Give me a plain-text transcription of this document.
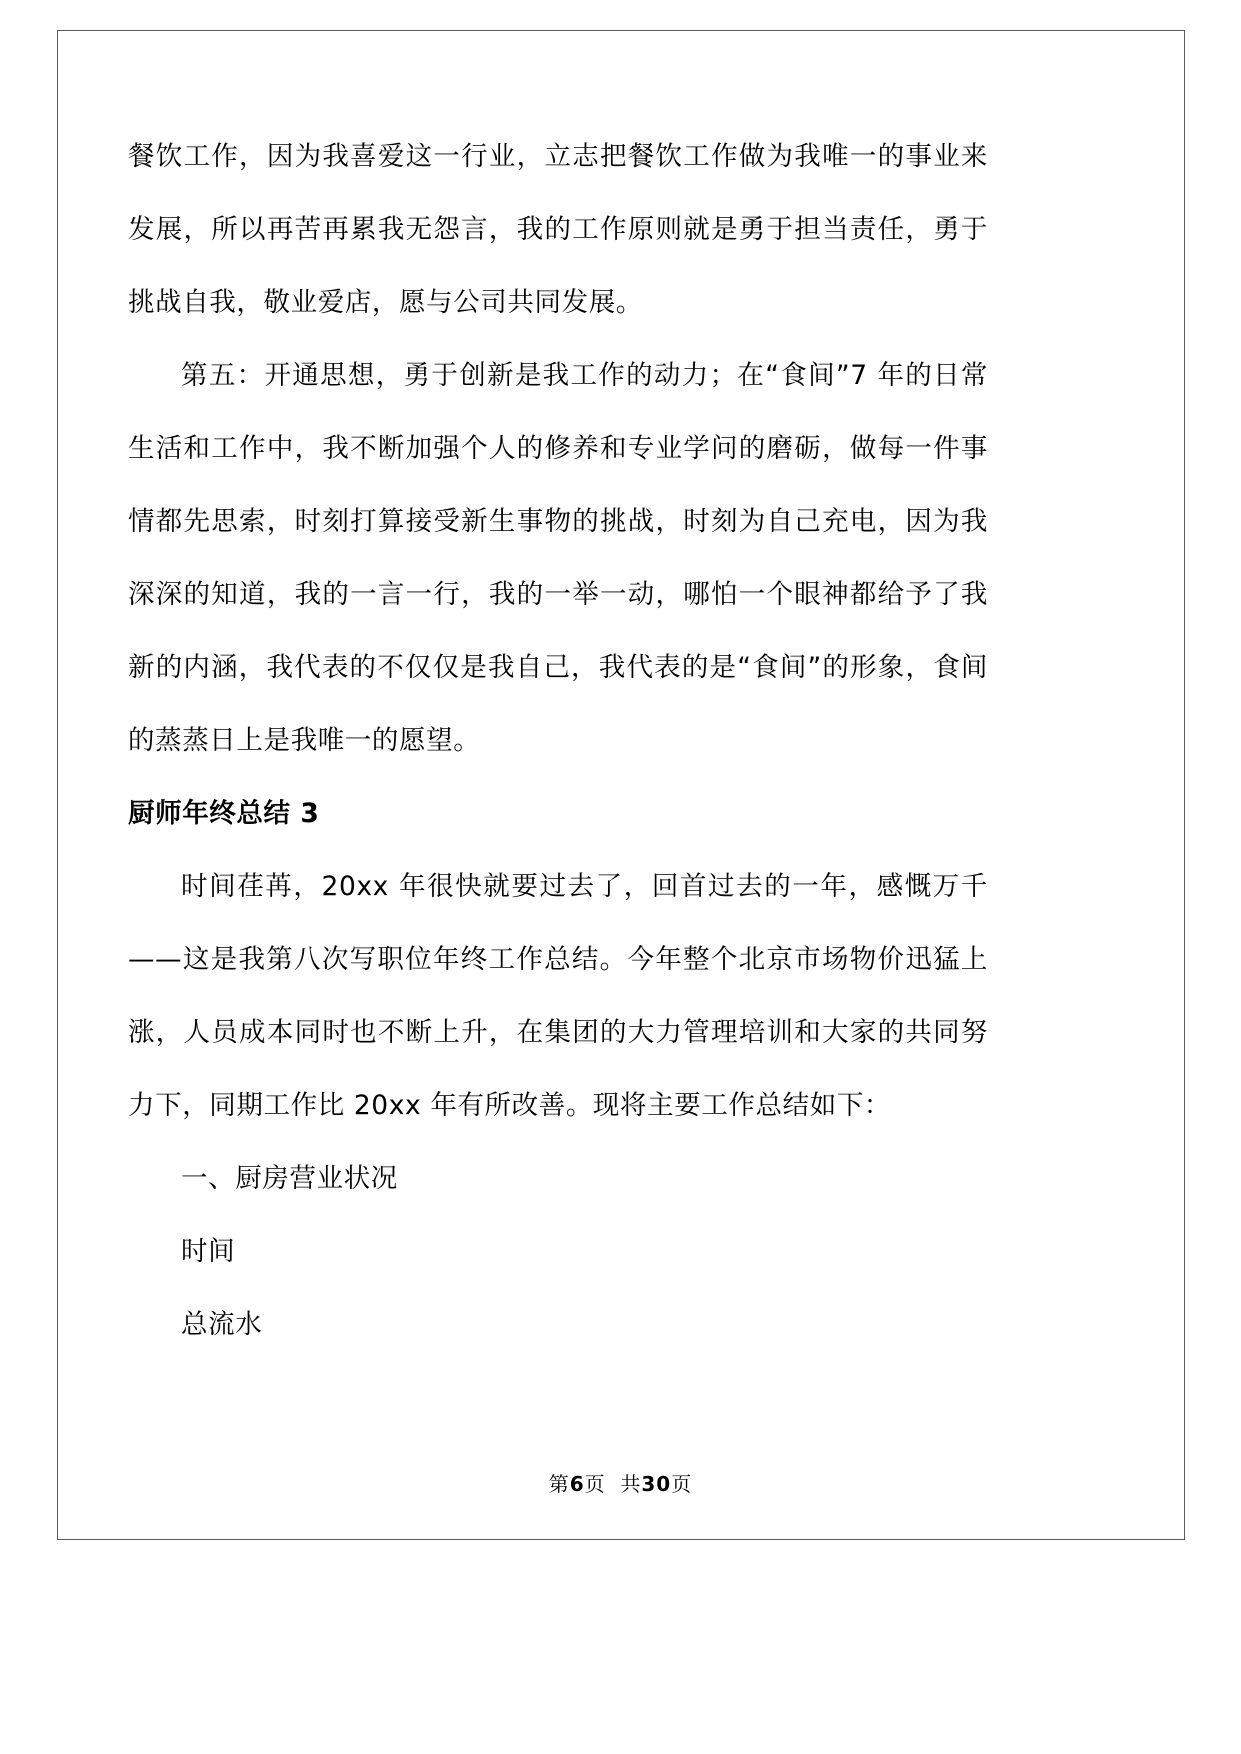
餐饮工作，因为我喜爱这一行业，立志把餐饮工作做为我唯一的事业来发展，所以再苦再累我无怨言，我的工作原则就是勇于担当责任，勇于挑战自我，敬业爱店，愿与公司共同发展。

第五：开通思想，勇于创新是我工作的动力；在“食间”7 年的日常生活和工作中，我不断加强个人的修养和专业学问的磨砺，做每一件事情都先思索，时刻打算接受新生事物的挑战，时刻为自己充电，因为我深深的知道，我的一言一行，我的一举一动，哪怕一个眼神都给予了我新的内涵，我代表的不仅仅是我自己，我代表的是“食间”的形象，食间的蒸蒸日上是我唯一的愿望。

厨师年终总结 3

时间荏苒，20xx 年很快就要过去了，回首过去的一年，感慨万千——这是我第八次写职位年终工作总结。今年整个北京市场物价迅猛上涨，人员成本同时也不断上升，在集团的大力管理培训和大家的共同努力下，同期工作比 20xx 年有所改善。现将主要工作总结如下：

一、厨房营业状况

时间

总流水

第6页 共30页
